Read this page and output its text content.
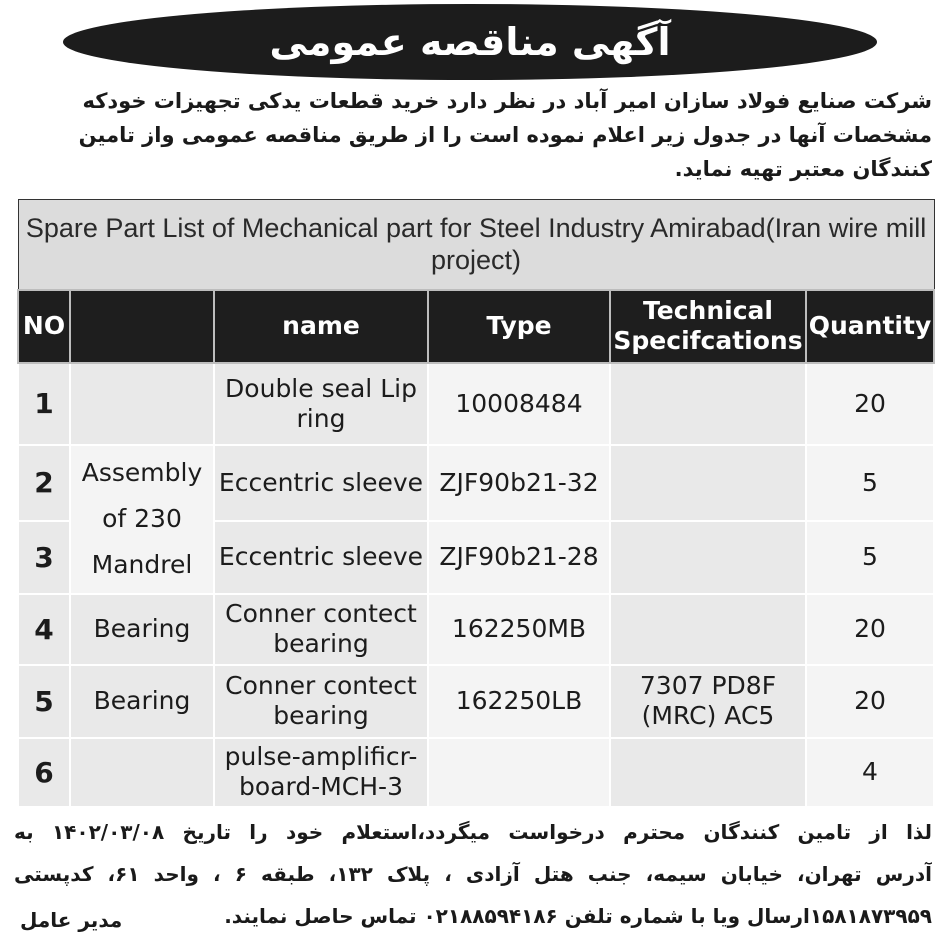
آگهی مناقصه عمومی
شرکت صنایع فولاد سازان امیر آباد در نظر دارد خرید قطعات یدکی تجهیزات خودکه
مشخصات آنها در جدول زیر اعلام نموده است را از طریق مناقصه عمومی واز تامین
کنندگان معتبر تهیه نماید.
Spare Part List of Mechanical part for Steel Industry Amirabad(Iran wire mill project)					
NO		name	Type	Technical Specifcations	Quantity
1		Double seal Lip ring	10008484		20
2	Assembly of 230 Mandrel	Eccentric sleeve	ZJF90b21-32		5
3		Eccentric sleeve	ZJF90b21-28		5
4	Bearing	Conner contect bearing	162250MB		20
5	Bearing	Conner contect bearing	162250LB	7307 PD8F (MRC) AC5	20
6		pulse-amplificr-board-MCH-3			4
لذا از تامین کنندگان محترم درخواست میگردد،استعلام خود را تاریخ ۱۴۰۲/۰۳/۰۸ به
آدرس تهران، خیابان سیمه، جنب هتل آزادی ، پلاک ۱۳۲، طبقه ۶ ، واحد ۶۱، کدپستی
۱۵۸۱۸۷۳۹۵۹ارسال ویا با شماره تلفن ۰۲۱۸۸۵۹۴۱۸۶ تماس حاصل نمایند.
مدیر عامل
